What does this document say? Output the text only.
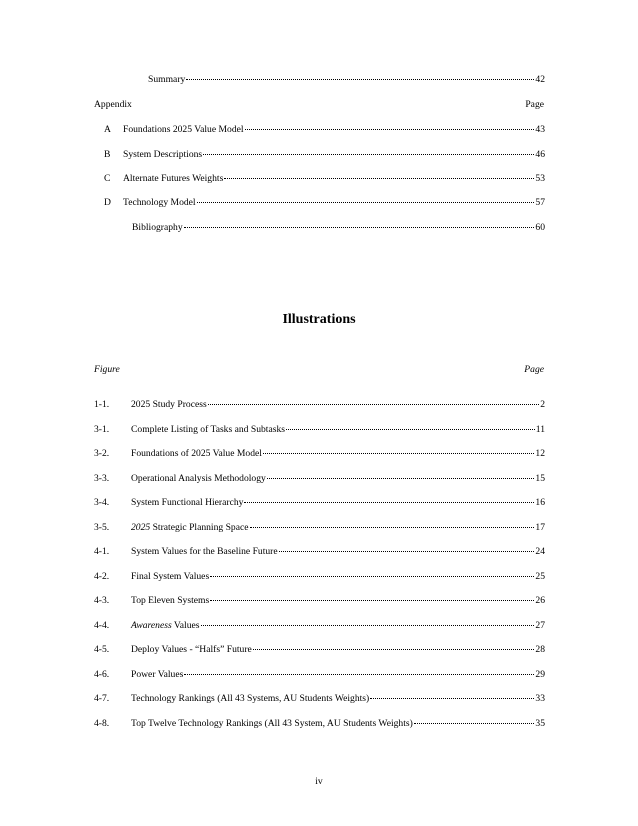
Summary	42
Appendix	Page
A	Foundations 2025 Value Model	43
B	System Descriptions	46
C	Alternate Futures Weights	53
D	Technology Model	57
Bibliography	60
Illustrations
Figure	Page
1-1.	2025 Study Process	2
3-1.	Complete Listing of Tasks and Subtasks	11
3-2.	Foundations of 2025 Value Model	12
3-3.	Operational Analysis Methodology	15
3-4.	System Functional Hierarchy	16
3-5.	2025 Strategic Planning Space	17
4-1.	System Values for the Baseline Future	24
4-2.	Final System Values	25
4-3.	Top Eleven Systems	26
4-4.	Awareness Values	27
4-5.	Deploy Values - “Halfs” Future	28
4-6.	Power Values	29
4-7.	Technology Rankings (All 43 Systems, AU Students Weights)	33
4-8.	Top Twelve Technology Rankings (All 43 System, AU Students Weights)	35
iv
